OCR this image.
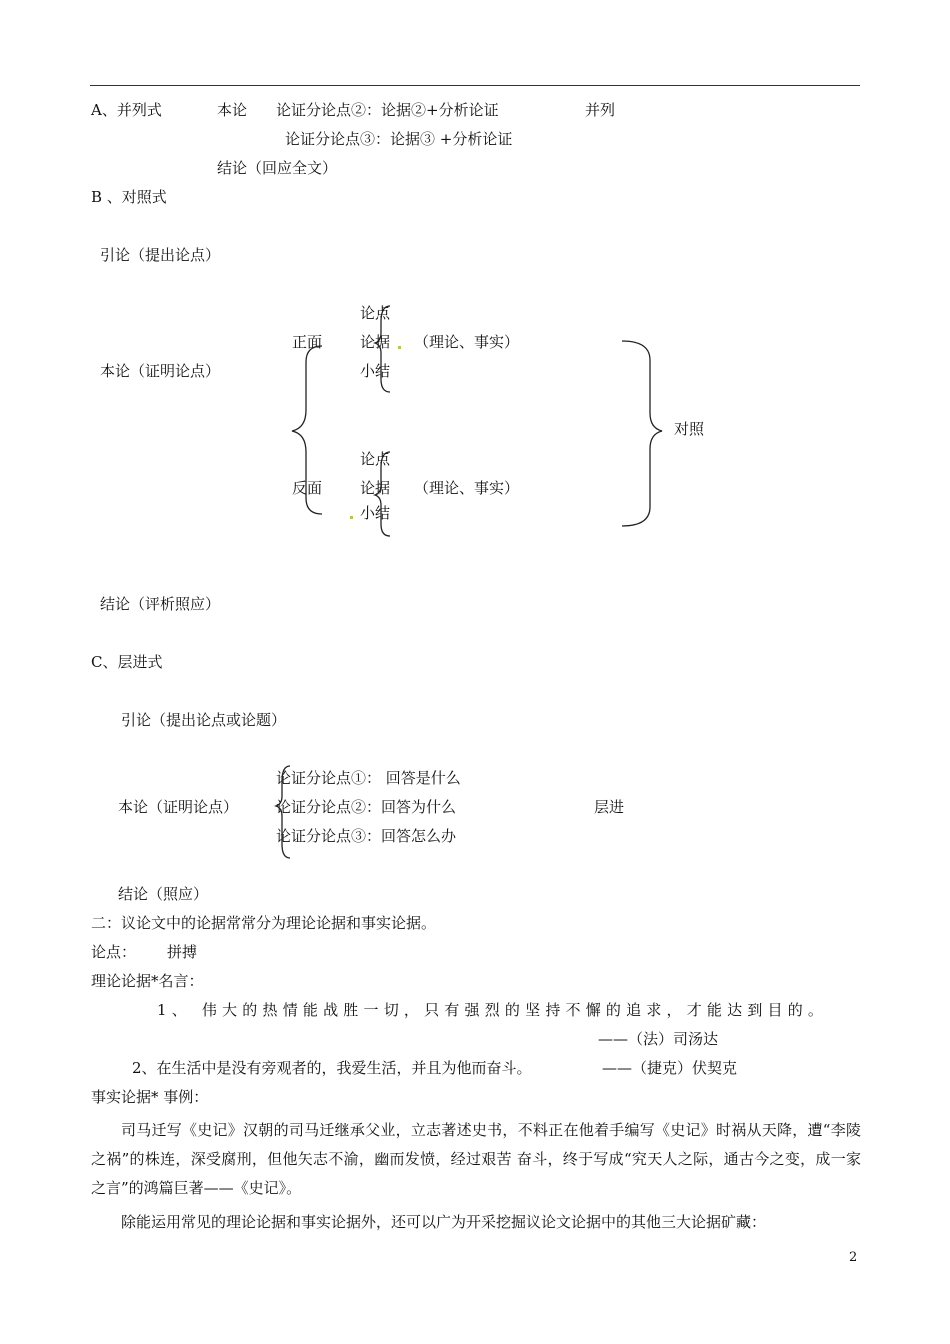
A、并列式	本论 论证分论点②：论据②+分析论证	并列
论证分论点③：论据③ +分析论证
结论（回应全文）
B 、对照式
引论（提出论点）
论点
正面	论据 （理论、事实）
本论（证明论点）	小结
对照
论点
反面	论据 （理论、事实）
小结
结论（评析照应）
C、层进式
引论（提出论点或论题）
论证分论点①： 回答是什么
本论（证明论点）	论证分论点②：回答为什么	层进
论证分论点③：回答怎么办
结论（照应）
二：议论文中的论据常常分为理论论据和事实论据。
论点： 拼搏
理论论据*名言：
1、 伟大的热情能战胜一切，只有强烈的坚持不懈的追求，才能达到目的。
——（法）司汤达
2、在生活中是没有旁观者的，我爱生活，并且为他而奋斗。	——（捷克）伏契克
事实论据* 事例：
司马迁写《史记》汉朝的司马迁继承父业，立志著述史书，不料正在他着手编写《史记》时祸从天降，遭“李陵之祸”的株连，深受腐刑，但他矢志不渝，幽而发愤，经过艰苦 奋斗，终于写成“究天人之际，通古今之变，成一家之言”的鸿篇巨著——《史记》。
除能运用常见的理论论据和事实论据外，还可以广为开采挖掘议论文论据中的其他三大论据矿藏：
2
